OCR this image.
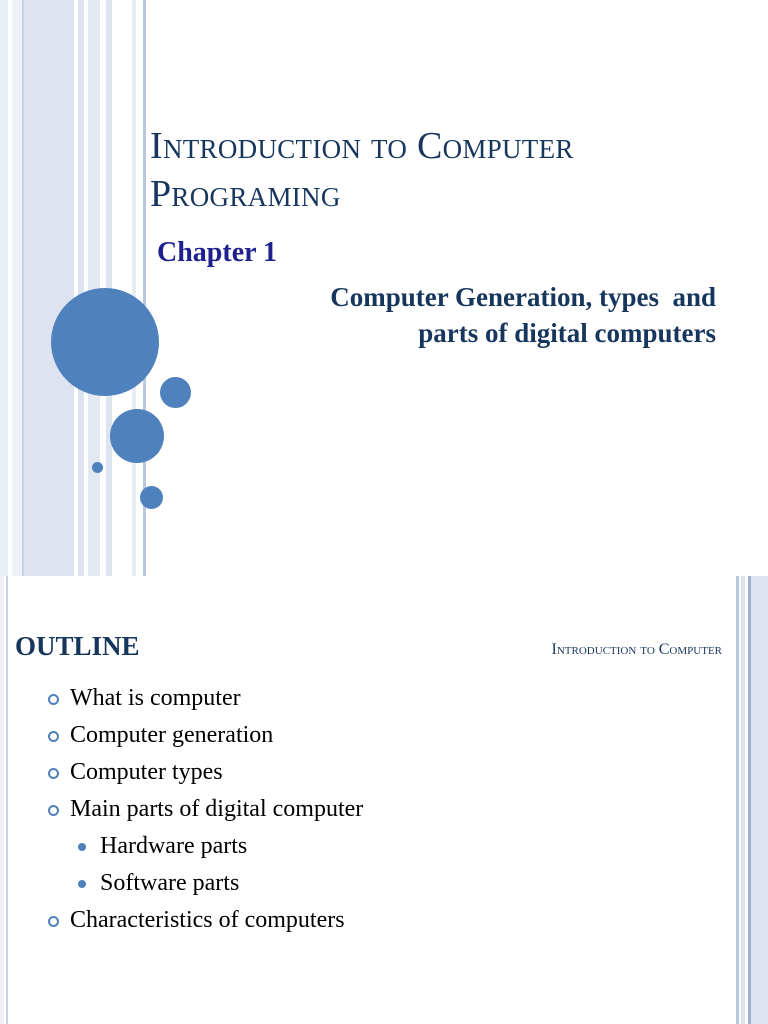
Introduction to Computer
Programing
Chapter 1
Computer Generation, types  and
parts of digital computers
OUTLINE	Introduction to Computer
What is computer
Computer generation
Computer types
Main parts of digital computer
Hardware parts
Software parts
Characteristics of computers
